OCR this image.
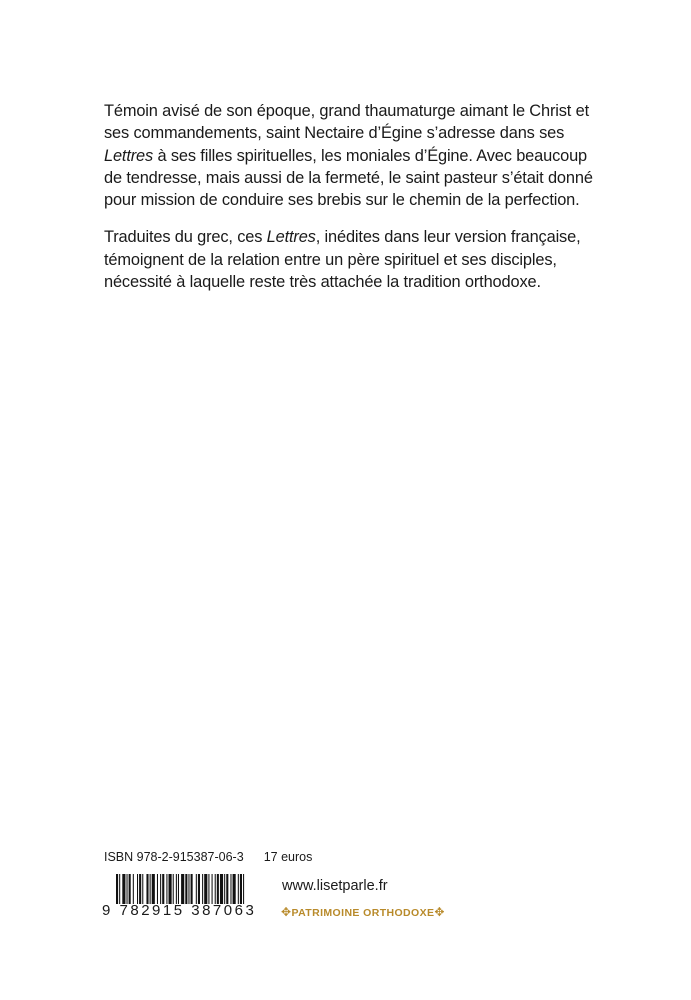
Témoin avisé de son époque, grand thaumaturge aimant le Christ et ses commandements, saint Nectaire d’Égine s’adresse dans ses Lettres à ses filles spirituelles, les moniales d’Égine. Avec beaucoup de tendresse, mais aussi de la fermeté, le saint pasteur s’était donné pour mission de conduire ses brebis sur le chemin de la perfection.

Traduites du grec, ces Lettres, inédites dans leur version française, témoignent de la relation entre un père spirituel et ses disciples, nécessité à laquelle reste très attachée la tradition orthodoxe.

ISBN 978-2-915387-06-3 17 euros
9 782915 387063
www.lisetparle.fr
✥PATRIMOINE ORTHODOXE✥
